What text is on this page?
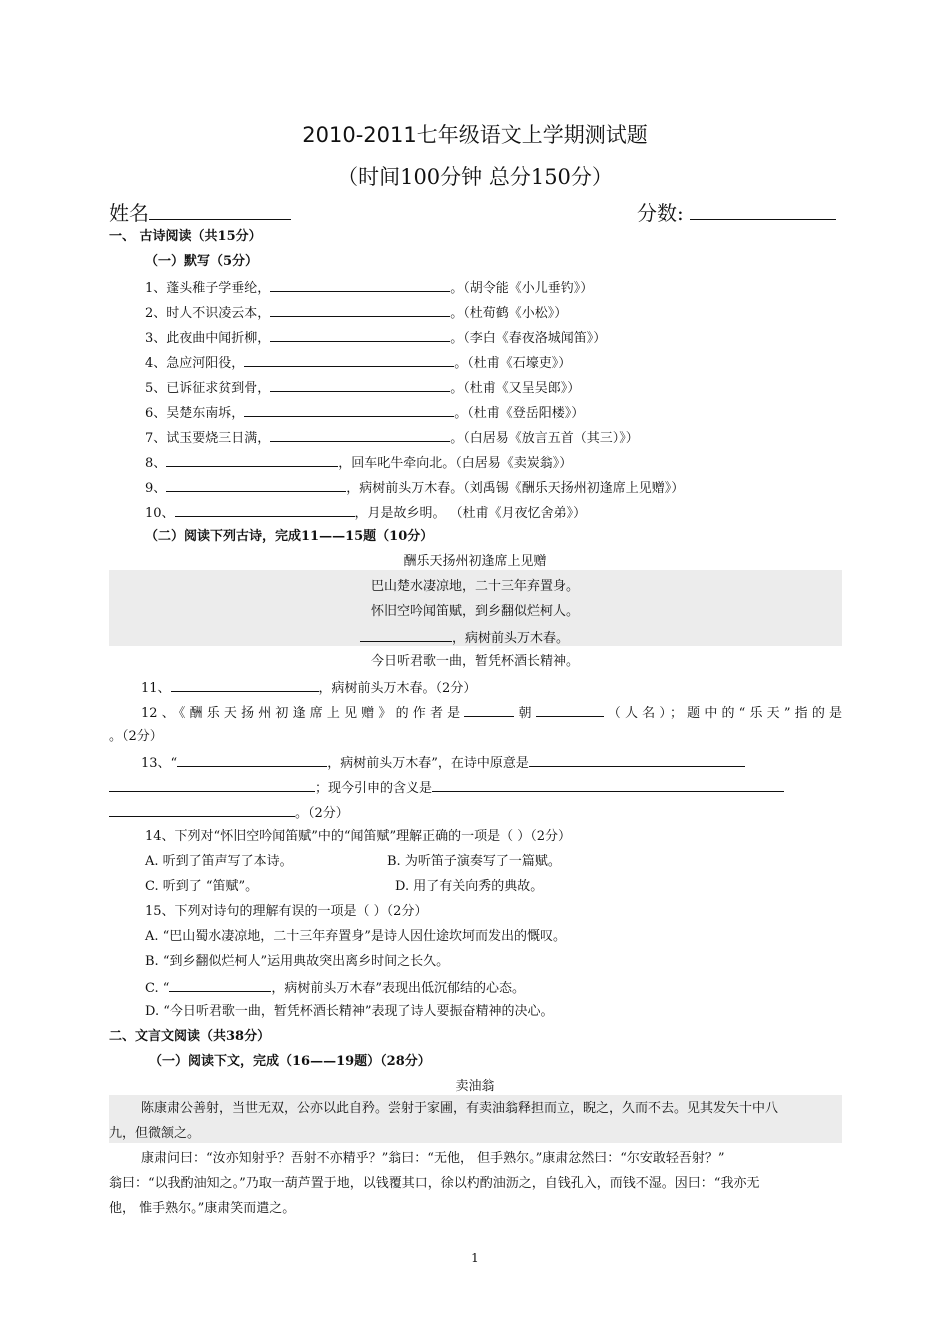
2010-2011七年级语文上学期测试题
（时间100分钟 总分150分）
姓名	分数:
一、 古诗阅读（共15分）
（一）默写（5分）
1、蓬头稚子学垂纶，	。（胡令能《小儿垂钓》）
2、时人不识凌云本，	。（杜荀鹤《小松》）
3、此夜曲中闻折柳，	。（李白《春夜洛城闻笛》）
4、急应河阳役，	。（杜甫《石壕吏》）
5、已诉征求贫到骨，	。（杜甫《又呈吴郎》）
6、吴楚东南坼，	。（杜甫《登岳阳楼》）
7、试玉要烧三日满，	。（白居易《放言五首（其三）》）
8、	，回车叱牛牵向北。（白居易《卖炭翁》）
9、	，病树前头万木春。（刘禹锡《酬乐天扬州初逢席上见赠》）
10、	，月是故乡明。 （杜甫《月夜忆舍弟》）
（二）阅读下列古诗，完成11——15题（10分）
酬乐天扬州初逢席上见赠
巴山楚水凄凉地，二十三年弃置身。
怀旧空吟闻笛赋，到乡翻似烂柯人。
，病树前头万木春。
今日听君歌一曲，暂凭杯酒长精神。
11、	，病树前头万木春。（2分）
12、《酬乐天扬州初逢席上见赠》的作者是	朝	（人名）；题中的“乐天”指的是
。（2分）
13、“	，病树前头万木春”，在诗中原意是
；现今引申的含义是
。（2分）
14、下列对“怀旧空吟闻笛赋”中的“闻笛赋”理解正确的一项是（ ）（2分）
A. 听到了笛声写了本诗。	B. 为听笛子演奏写了一篇赋。
C. 听到了 “笛赋”。	D. 用了有关向秀的典故。
15、下列对诗句的理解有误的一项是（ ）（2分）
A. “巴山蜀水凄凉地，二十三年弃置身”是诗人因仕途坎坷而发出的慨叹。
B. “到乡翻似烂柯人”运用典故突出离乡时间之长久。
C. “	，病树前头万木春”表现出低沉郁结的心态。
D. “今日听君歌一曲，暂凭杯酒长精神”表现了诗人要振奋精神的决心。
二、文言文阅读（共38分）
（一）阅读下文，完成（16——19题）（28分）
卖油翁
陈康肃公善射，当世无双，公亦以此自矜。尝射于家圃，有卖油翁释担而立，睨之，久而不去。见其发矢十中八
九，但微颔之。
康肃问曰：“汝亦知射乎？吾射不亦精乎？”翁曰：“无他， 但手熟尔。”康肃忿然曰：“尔安敢轻吾射？”
翁曰：“以我酌油知之。”乃取一葫芦置于地，以钱覆其口，徐以杓酌油沥之，自钱孔入，而钱不湿。因曰：“我亦无
他， 惟手熟尔。”康肃笑而遣之。
1
